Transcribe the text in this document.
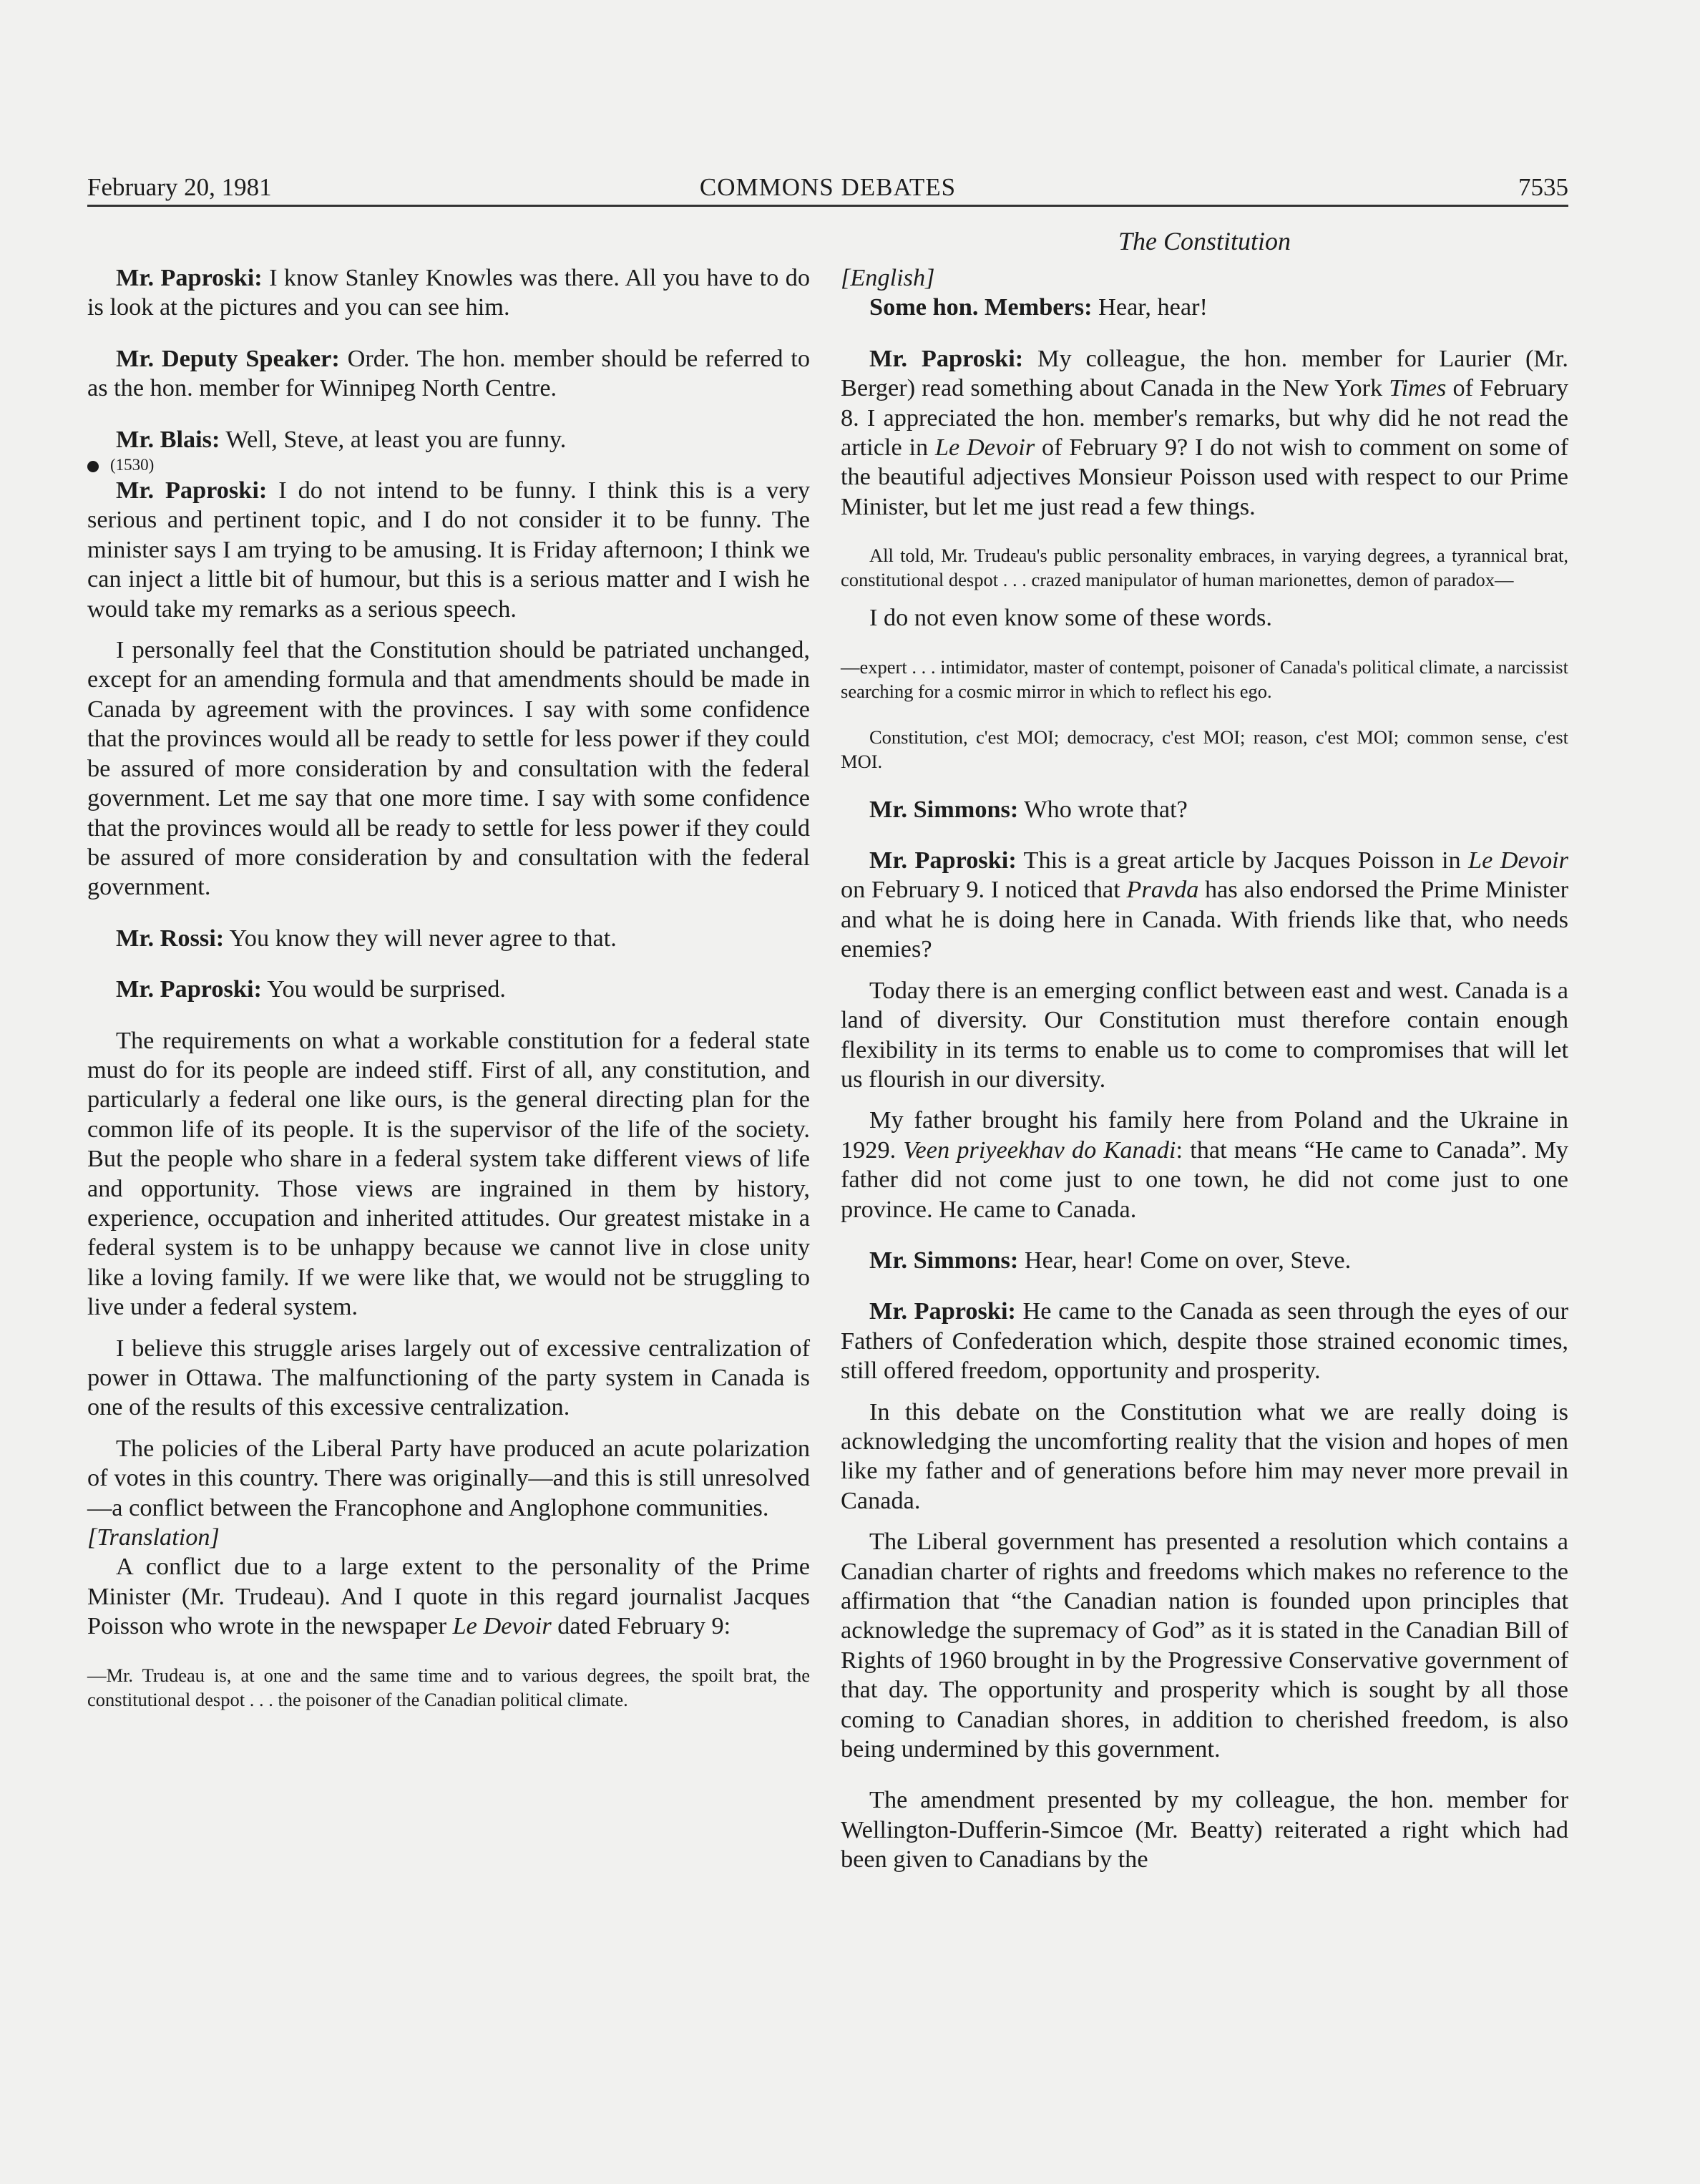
February 20, 1981	COMMONS DEBATES	7535
The Constitution

Mr. Paproski: I know Stanley Knowles was there. All you have to do is look at the pictures and you can see him.

Mr. Deputy Speaker: Order. The hon. member should be referred to as the hon. member for Winnipeg North Centre.

Mr. Blais: Well, Steve, at least you are funny.

(1530)

Mr. Paproski: I do not intend to be funny. I think this is a very serious and pertinent topic, and I do not consider it to be funny. The minister says I am trying to be amusing. It is Friday afternoon; I think we can inject a little bit of humour, but this is a serious matter and I wish he would take my remarks as a serious speech.

I personally feel that the Constitution should be patriated unchanged, except for an amending formula and that amendments should be made in Canada by agreement with the provinces. I say with some confidence that the provinces would all be ready to settle for less power if they could be assured of more consideration by and consultation with the federal government. Let me say that one more time. I say with some confidence that the provinces would all be ready to settle for less power if they could be assured of more consideration by and consultation with the federal government.

Mr. Rossi: You know they will never agree to that.

Mr. Paproski: You would be surprised.

The requirements on what a workable constitution for a federal state must do for its people are indeed stiff. First of all, any constitution, and particularly a federal one like ours, is the general directing plan for the common life of its people. It is the supervisor of the life of the society. But the people who share in a federal system take different views of life and opportunity. Those views are ingrained in them by history, experience, occupation and inherited attitudes. Our greatest mistake in a federal system is to be unhappy because we cannot live in close unity like a loving family. If we were like that, we would not be struggling to live under a federal system.

I believe this struggle arises largely out of excessive centralization of power in Ottawa. The malfunctioning of the party system in Canada is one of the results of this excessive centralization.

The policies of the Liberal Party have produced an acute polarization of votes in this country. There was originally—and this is still unresolved—a conflict between the Francophone and Anglophone communities.

[Translation]

A conflict due to a large extent to the personality of the Prime Minister (Mr. Trudeau). And I quote in this regard journalist Jacques Poisson who wrote in the newspaper Le Devoir dated February 9:

—Mr. Trudeau is, at one and the same time and to various degrees, the spoilt brat, the constitutional despot . . . the poisoner of the Canadian political climate.

[English]

Some hon. Members: Hear, hear!

Mr. Paproski: My colleague, the hon. member for Laurier (Mr. Berger) read something about Canada in the New York Times of February 8. I appreciated the hon. member's remarks, but why did he not read the article in Le Devoir of February 9? I do not wish to comment on some of the beautiful adjectives Monsieur Poisson used with respect to our Prime Minister, but let me just read a few things.

All told, Mr. Trudeau's public personality embraces, in varying degrees, a tyrannical brat, constitutional despot . . . crazed manipulator of human marionettes, demon of paradox—

I do not even know some of these words.

—expert . . . intimidator, master of contempt, poisoner of Canada's political climate, a narcissist searching for a cosmic mirror in which to reflect his ego.

Constitution, c'est MOI; democracy, c'est MOI; reason, c'est MOI; common sense, c'est MOI.

Mr. Simmons: Who wrote that?

Mr. Paproski: This is a great article by Jacques Poisson in Le Devoir on February 9. I noticed that Pravda has also endorsed the Prime Minister and what he is doing here in Canada. With friends like that, who needs enemies?

Today there is an emerging conflict between east and west. Canada is a land of diversity. Our Constitution must therefore contain enough flexibility in its terms to enable us to come to compromises that will let us flourish in our diversity.

My father brought his family here from Poland and the Ukraine in 1929. Veen priyeekhav do Kanadi: that means “He came to Canada”. My father did not come just to one town, he did not come just to one province. He came to Canada.

Mr. Simmons: Hear, hear! Come on over, Steve.

Mr. Paproski: He came to the Canada as seen through the eyes of our Fathers of Confederation which, despite those strained economic times, still offered freedom, opportunity and prosperity.

In this debate on the Constitution what we are really doing is acknowledging the uncomforting reality that the vision and hopes of men like my father and of generations before him may never more prevail in Canada.

The Liberal government has presented a resolution which contains a Canadian charter of rights and freedoms which makes no reference to the affirmation that “the Canadian nation is founded upon principles that acknowledge the supremacy of God” as it is stated in the Canadian Bill of Rights of 1960 brought in by the Progressive Conservative government of that day. The opportunity and prosperity which is sought by all those coming to Canadian shores, in addition to cherished freedom, is also being undermined by this government.

The amendment presented by my colleague, the hon. member for Wellington-Dufferin-Simcoe (Mr. Beatty) reiterated a right which had been given to Canadians by the
